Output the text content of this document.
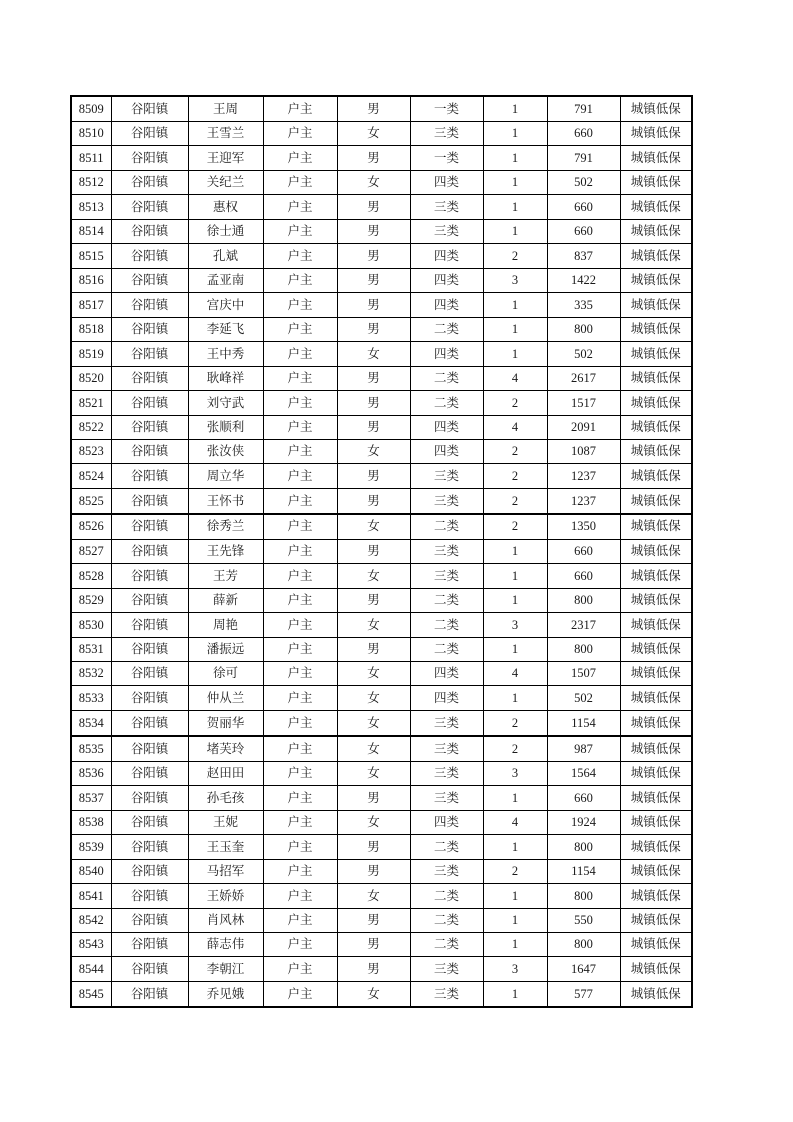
8509	谷阳镇	王周	户主	男	一类	1	791	城镇低保
8510	谷阳镇	王雪兰	户主	女	三类	1	660	城镇低保
8511	谷阳镇	王迎军	户主	男	一类	1	791	城镇低保
8512	谷阳镇	关纪兰	户主	女	四类	1	502	城镇低保
8513	谷阳镇	惠权	户主	男	三类	1	660	城镇低保
8514	谷阳镇	徐士通	户主	男	三类	1	660	城镇低保
8515	谷阳镇	孔斌	户主	男	四类	2	837	城镇低保
8516	谷阳镇	孟亚南	户主	男	四类	3	1422	城镇低保
8517	谷阳镇	宫庆中	户主	男	四类	1	335	城镇低保
8518	谷阳镇	李延飞	户主	男	二类	1	800	城镇低保
8519	谷阳镇	王中秀	户主	女	四类	1	502	城镇低保
8520	谷阳镇	耿峰祥	户主	男	二类	4	2617	城镇低保
8521	谷阳镇	刘守武	户主	男	二类	2	1517	城镇低保
8522	谷阳镇	张顺利	户主	男	四类	4	2091	城镇低保
8523	谷阳镇	张汝侠	户主	女	四类	2	1087	城镇低保
8524	谷阳镇	周立华	户主	男	三类	2	1237	城镇低保
8525	谷阳镇	王怀书	户主	男	三类	2	1237	城镇低保
8526	谷阳镇	徐秀兰	户主	女	二类	2	1350	城镇低保
8527	谷阳镇	王先锋	户主	男	三类	1	660	城镇低保
8528	谷阳镇	王芳	户主	女	三类	1	660	城镇低保
8529	谷阳镇	薛新	户主	男	二类	1	800	城镇低保
8530	谷阳镇	周艳	户主	女	二类	3	2317	城镇低保
8531	谷阳镇	潘振远	户主	男	二类	1	800	城镇低保
8532	谷阳镇	徐可	户主	女	四类	4	1507	城镇低保
8533	谷阳镇	仲从兰	户主	女	四类	1	502	城镇低保
8534	谷阳镇	贺丽华	户主	女	三类	2	1154	城镇低保
8535	谷阳镇	堵芙玲	户主	女	三类	2	987	城镇低保
8536	谷阳镇	赵田田	户主	女	三类	3	1564	城镇低保
8537	谷阳镇	孙毛孩	户主	男	三类	1	660	城镇低保
8538	谷阳镇	王妮	户主	女	四类	4	1924	城镇低保
8539	谷阳镇	王玉奎	户主	男	二类	1	800	城镇低保
8540	谷阳镇	马招军	户主	男	三类	2	1154	城镇低保
8541	谷阳镇	王娇娇	户主	女	二类	1	800	城镇低保
8542	谷阳镇	肖风林	户主	男	二类	1	550	城镇低保
8543	谷阳镇	薛志伟	户主	男	二类	1	800	城镇低保
8544	谷阳镇	李朝江	户主	男	三类	3	1647	城镇低保
8545	谷阳镇	乔见娥	户主	女	三类	1	577	城镇低保
